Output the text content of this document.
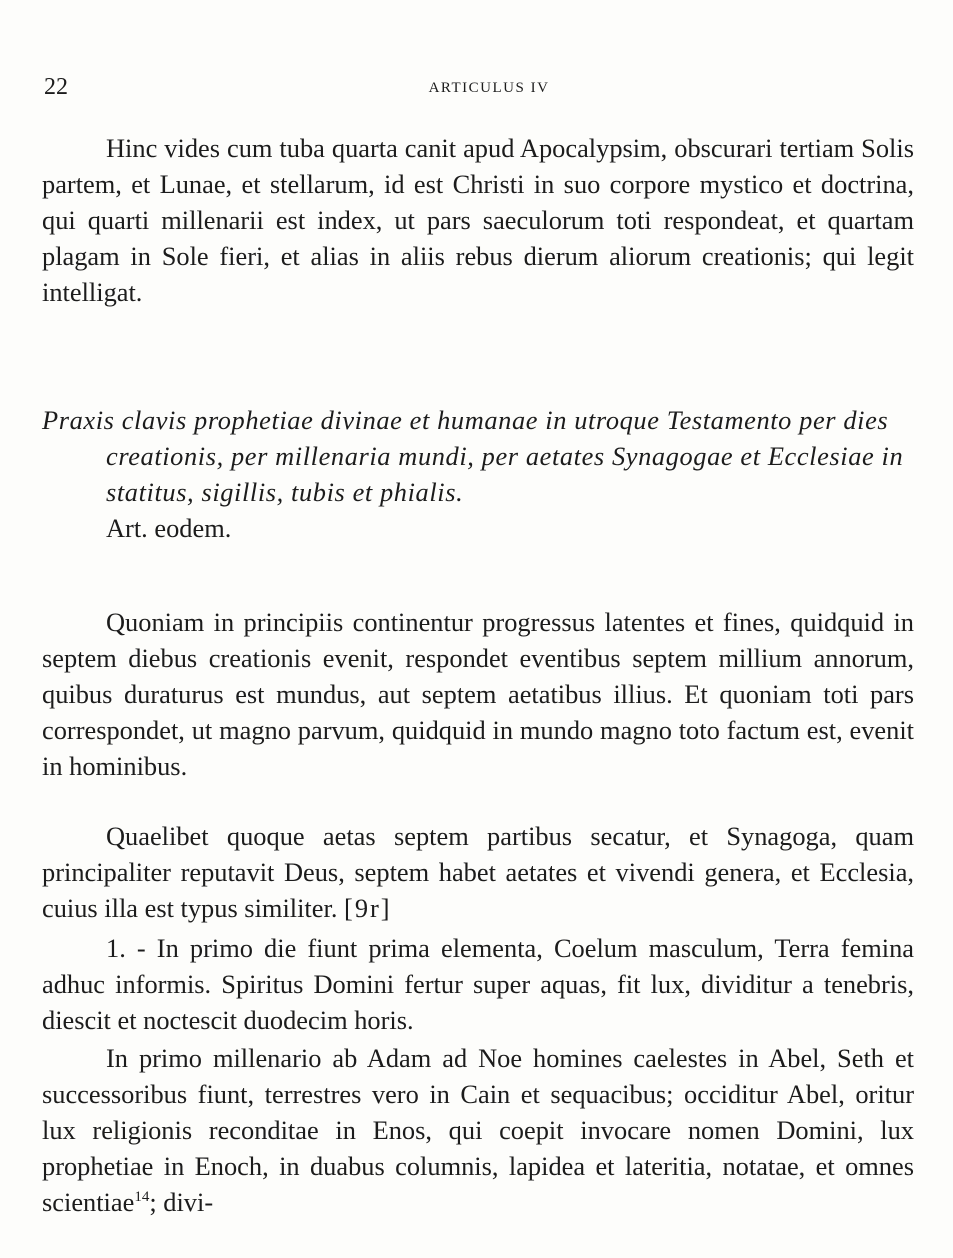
22	ARTICULUS IV

Hinc vides cum tuba quarta canit apud Apocalypsim, obscurari tertiam Solis partem, et Lunae, et stellarum, id est Christi in suo corpore mystico et doctrina, qui quarti millenarii est index, ut pars saeculorum toti respondeat, et quartam plagam in Sole fieri, et alias in aliis rebus dierum aliorum creationis; qui legit intelligat.

Praxis clavis prophetiae divinae et humanae in utroque Testamento per dies creationis, per millenaria mundi, per aetates Synagogae et Ecclesiae in statitus, sigillis, tubis et phialis.

Art. eodem.

Quoniam in principiis continentur progressus latentes et fines, quidquid in septem diebus creationis evenit, respondet eventibus septem millium annorum, quibus duraturus est mundus, aut septem aetatibus illius. Et quoniam toti pars correspondet, ut magno parvum, quidquid in mundo magno toto factum est, evenit in hominibus.

Quaelibet quoque aetas septem partibus secatur, et Synagoga, quam principaliter reputavit Deus, septem habet aetates et vivendi genera, et Ecclesia, cuius illa est typus similiter. [9r]

1. - In primo die fiunt prima elementa, Coelum masculum, Terra femina adhuc informis. Spiritus Domini fertur super aquas, fit lux, dividitur a tenebris, diescit et noctescit duodecim horis.

In primo millenario ab Adam ad Noe homines caelestes in Abel, Seth et successoribus fiunt, terrestres vero in Cain et sequacibus; occiditur Abel, oritur lux religionis reconditae in Enos, qui coepit invocare nomen Domini, lux prophetiae in Enoch, in duabus columnis, lapidea et lateritia, notatae, et omnes scientiae$^{14}$; divi-
